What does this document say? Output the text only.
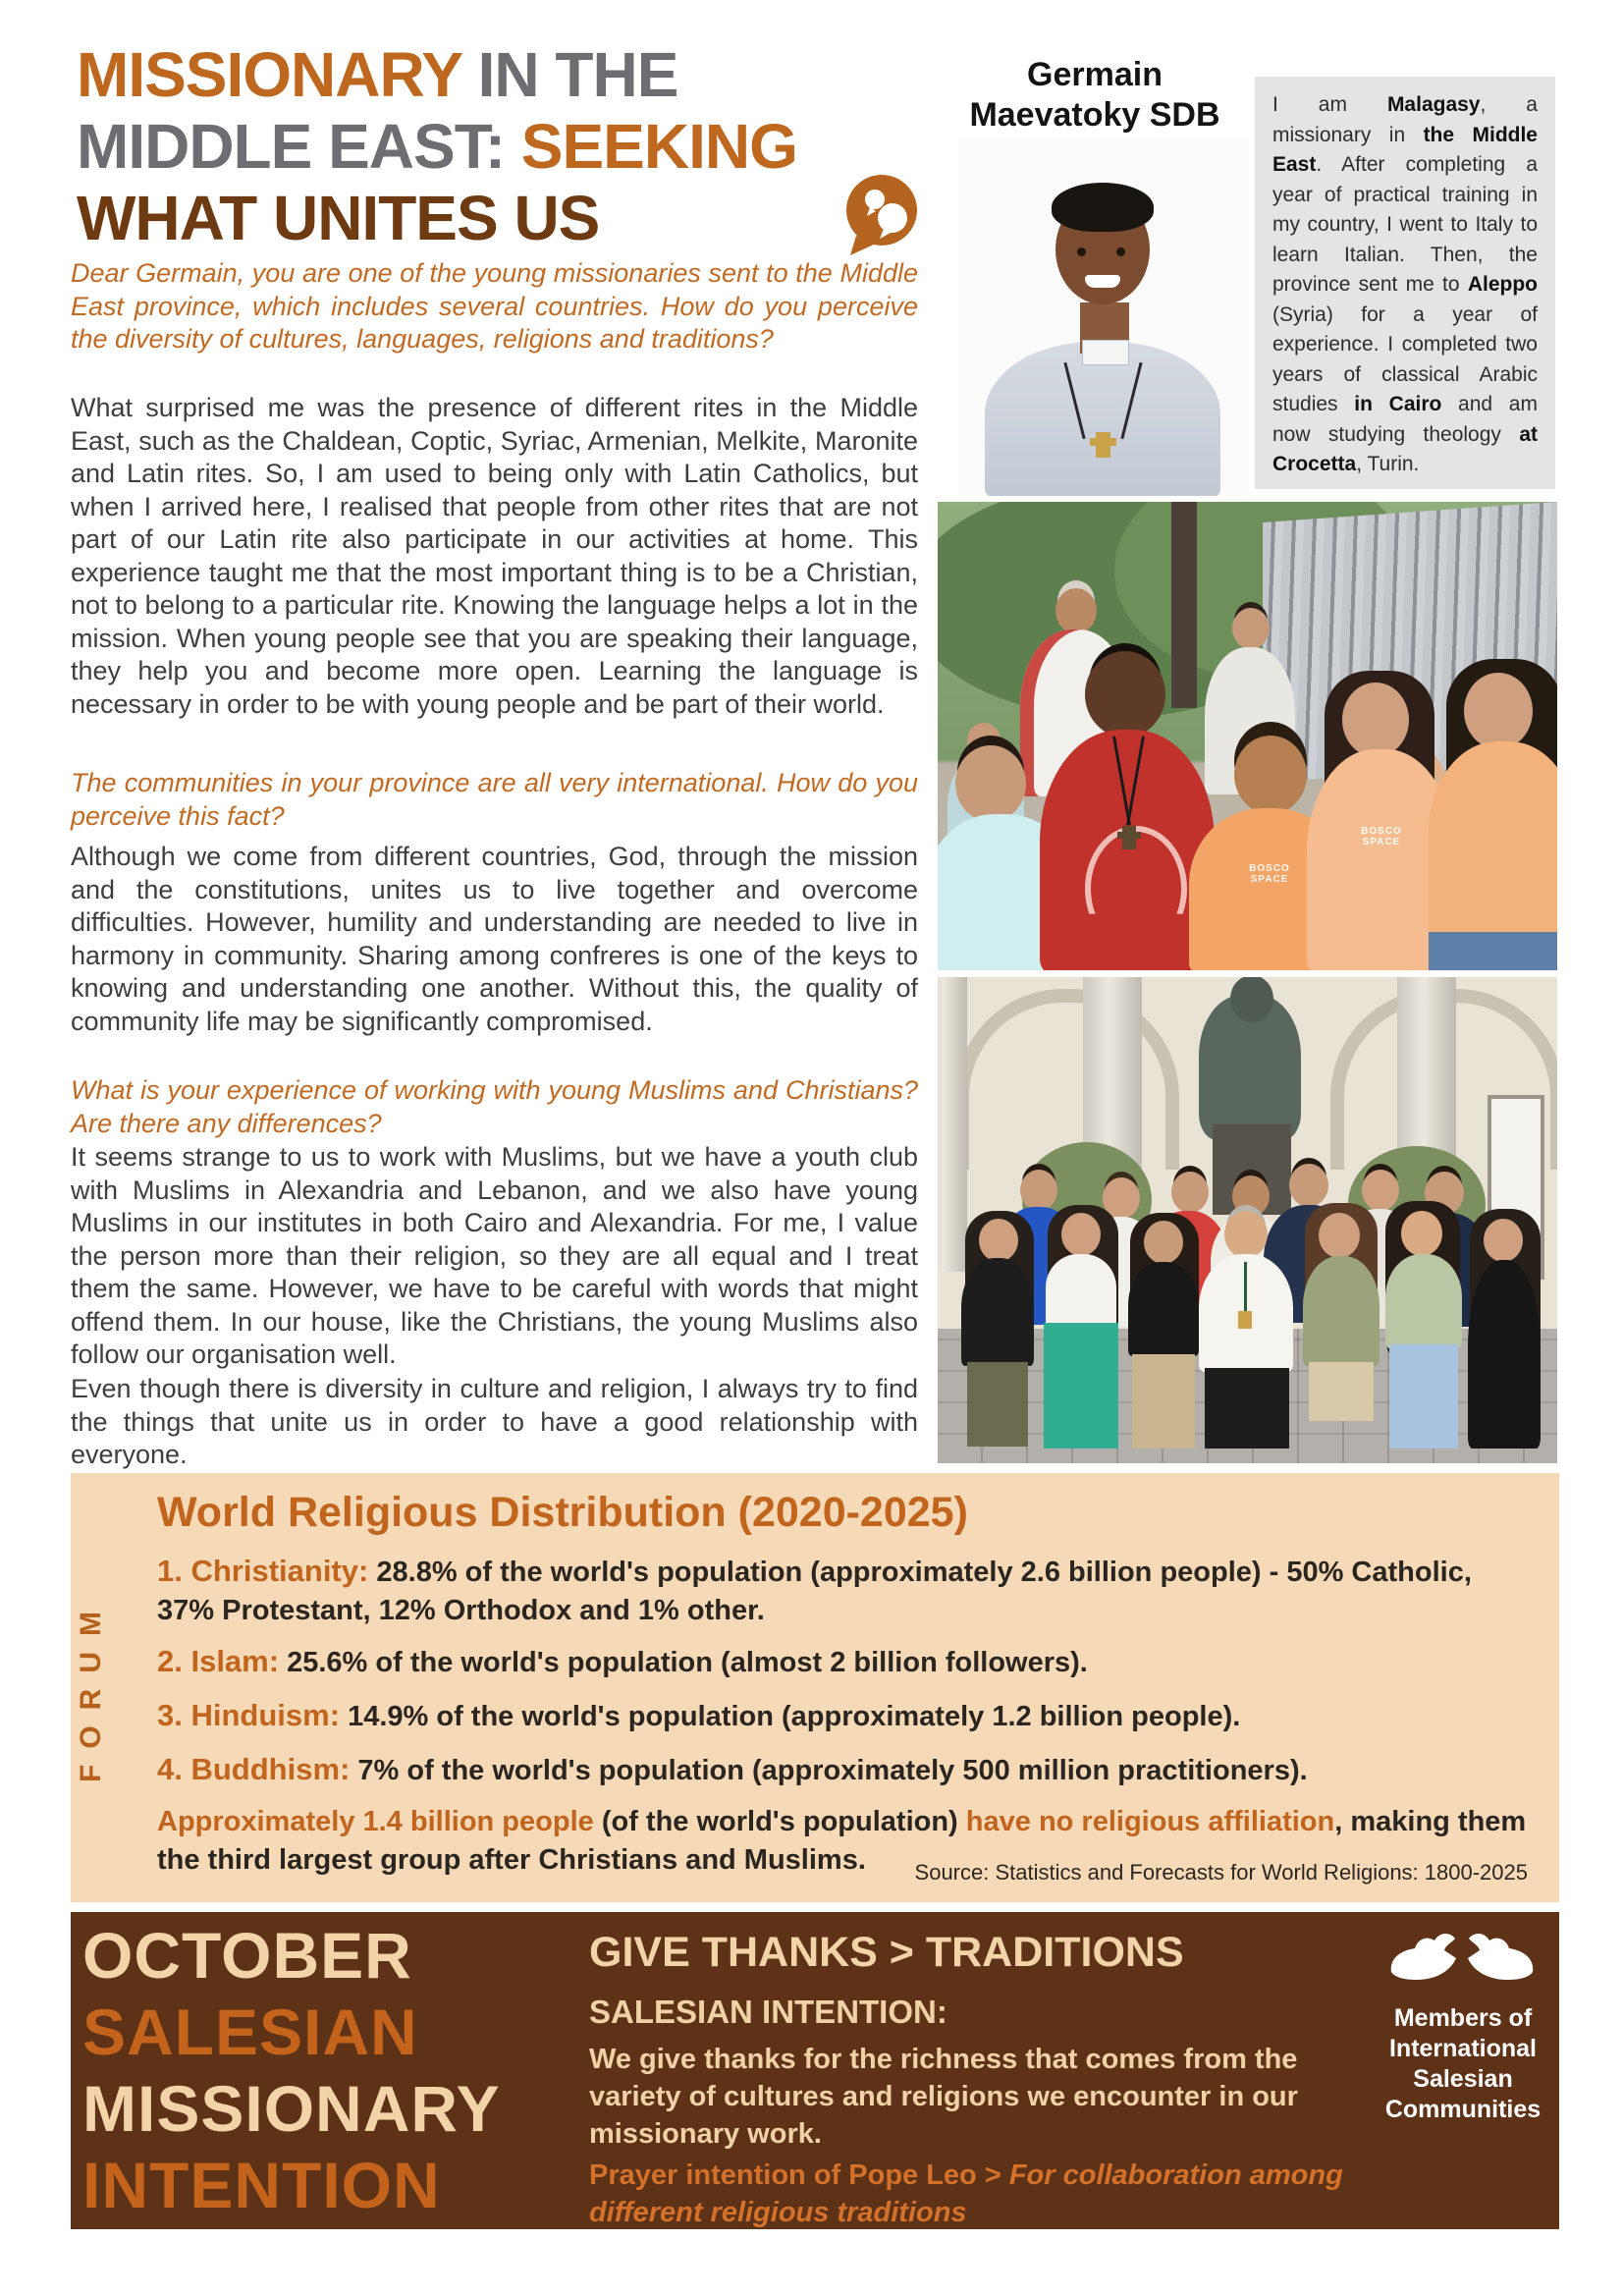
MISSIONARY IN THE
MIDDLE EAST: SEEKING
WHAT UNITES US
Dear Germain, you are one of the young missionaries sent to the Middle East province, which includes several countries. How do you perceive the diversity of cultures, languages, religions and traditions?
What surprised me was the presence of different rites in the Middle East, such as the Chaldean, Coptic, Syriac, Armenian, Melkite, Maronite and Latin rites. So, I am used to being only with Latin Catholics, but when I arrived here, I realised that people from other rites that are not part of our Latin rite also participate in our activities at home. This experience taught me that the most important thing is to be a Christian, not to belong to a particular rite. Knowing the language helps a lot in the mission. When young people see that you are speaking their language, they help you and become more open. Learning the language is necessary in order to be with young people and be part of their world.
The communities in your province are all very international. How do you perceive this fact?
Although we come from different countries, God, through the mission and the constitutions, unites us to live together and overcome difficulties. However, humility and understanding are needed to live in harmony in community. Sharing among confreres is one of the keys to knowing and understanding one another. Without this, the quality of community life may be significantly compromised.
What is your experience of working with young Muslims and Christians? Are there any differences?
It seems strange to us to work with Muslims, but we have a youth club with Muslims in Alexandria and Lebanon, and we also have young Muslims in our institutes in both Cairo and Alexandria. For me, I value the person more than their religion, so they are all equal and I treat them the same. However, we have to be careful with words that might offend them. In our house, like the Christians, the young Muslims also follow our organisation well.
Even though there is diversity in culture and religion, I always try to find the things that unite us in order to have a good relationship with everyone.
Germain
Maevatoky SDB	I am Malagasy, a missionary in the Middle East. After completing a year of practical training in my country, I went to Italy to learn Italian. Then, the province sent me to Aleppo (Syria) for a year of experience. I completed two years of classical Arabic studies in Cairo and am now studying theology at Crocetta, Turin.
BOSCO SPACE
BOSCO SPACE
FORUM
World Religious Distribution (2020-2025)
1. Christianity: 28.8% of the world's population (approximately 2.6 billion people) - 50% Catholic, 37% Protestant, 12% Orthodox and 1% other.
2. Islam: 25.6% of the world's population (almost 2 billion followers).
3. Hinduism: 14.9% of the world's population (approximately 1.2 billion people).
4. Buddhism: 7% of the world's population (approximately 500 million practitioners).
Approximately 1.4 billion people (of the world's population) have no religious affiliation, making them the third largest group after Christians and Muslims.	Source: Statistics and Forecasts for World Religions: 1800-2025
OCTOBER
SALESIAN
MISSIONARY
INTENTION
GIVE THANKS > TRADITIONS
SALESIAN INTENTION:
We give thanks for the richness that comes from the variety of cultures and religions we encounter in our missionary work.
Prayer intention of Pope Leo > For collaboration among different religious traditions
Members of International Salesian Communities
